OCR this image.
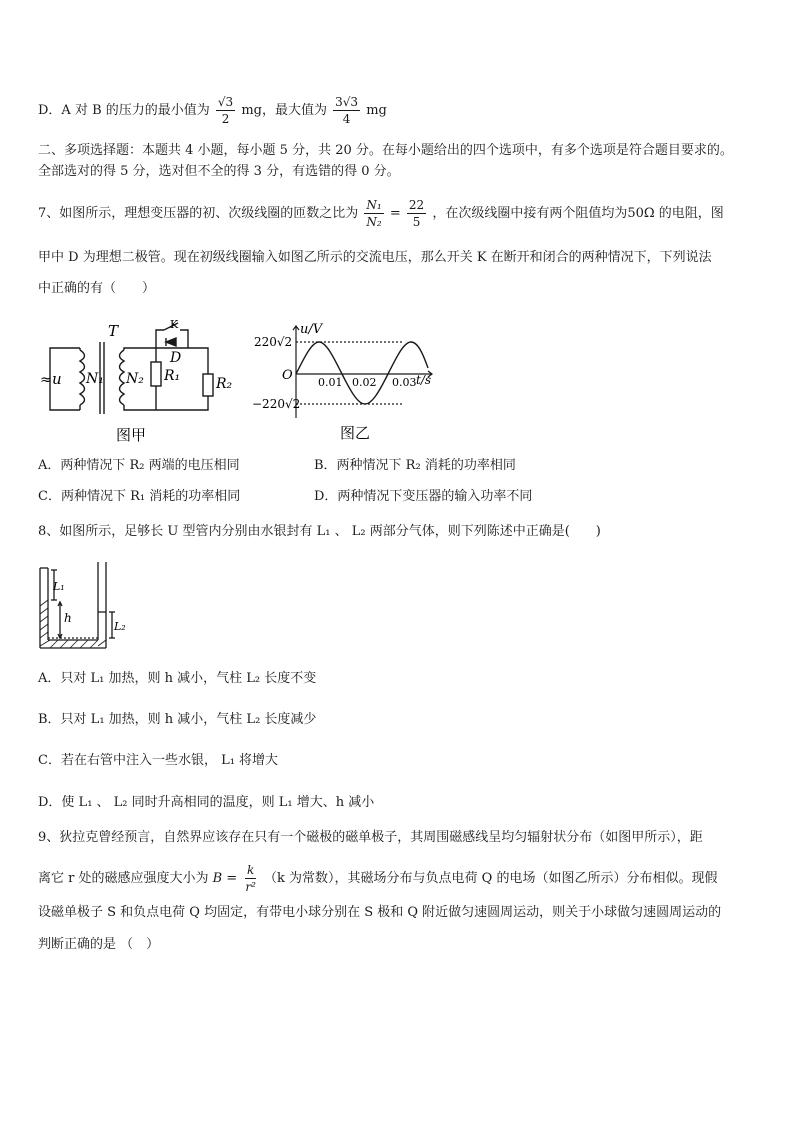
D．A 对 B 的压力的最小值为 $\frac{√3}{2}$ mg，最大值为 $\frac{3√3}{4}$ mg
二、多项选择题：本题共 4 小题，每小题 5 分，共 20 分。在每小题给出的四个选项中，有多个选项是符合题目要求的。
全部选对的得 5 分，选对但不全的得 3 分，有选错的得 0 分。
7、如图所示，理想变压器的初、次级线圈的匝数之比为 $\frac{\text{N₁}}{\text{N₂}} = \frac{22}{5}$ ，在次级线圈中接有两个阻值均为50Ω 的电阻，图
甲中 D 为理想二极管。现在初级线圈输入如图乙所示的交流电压，那么开关 K 在断开和闭合的两种情况下，下列说法
中正确的有（　　）
≈ u N₁
T
N₂ R₁	R₂
K
D
图甲
220√2
−220√2
u/V
O 0.01 0.02 0.03 t/s
图乙
A．两种情况下 R₂ 两端的电压相同	B．两种情况下 R₂ 消耗的功率相同
C．两种情况下 R₁ 消耗的功率相同	D．两种情况下变压器的输入功率不同
8、如图所示，足够长 U 型管内分别由水银封有 L₁ 、 L₂ 两部分气体，则下列陈述中正确是(　　)
L₁
h
L₂
A．只对 L₁ 加热，则 h 减小，气柱 L₂ 长度不变
B．只对 L₁ 加热，则 h 减小，气柱 L₂ 长度减少
C．若在右管中注入一些水银， L₁ 将增大
D．使 L₁ 、 L₂ 同时升高相同的温度，则 L₁ 增大、h 减小
9、狄拉克曾经预言，自然界应该存在只有一个磁极的磁单极子，其周围磁感线呈均匀辐射状分布（如图甲所示），距
离它 r 处的磁感应强度大小为 $B = \frac{k}{\text{r²}} (k$ 为常数），其磁场分布与负点电荷 Q 的电场（如图乙所示）分布相似。现假
设磁单极子 S 和负点电荷 Q 均固定，有带电小球分别在 S 极和 Q 附近做匀速圆周运动，则关于小球做匀速圆周运动的
判断正确的是 （　）
